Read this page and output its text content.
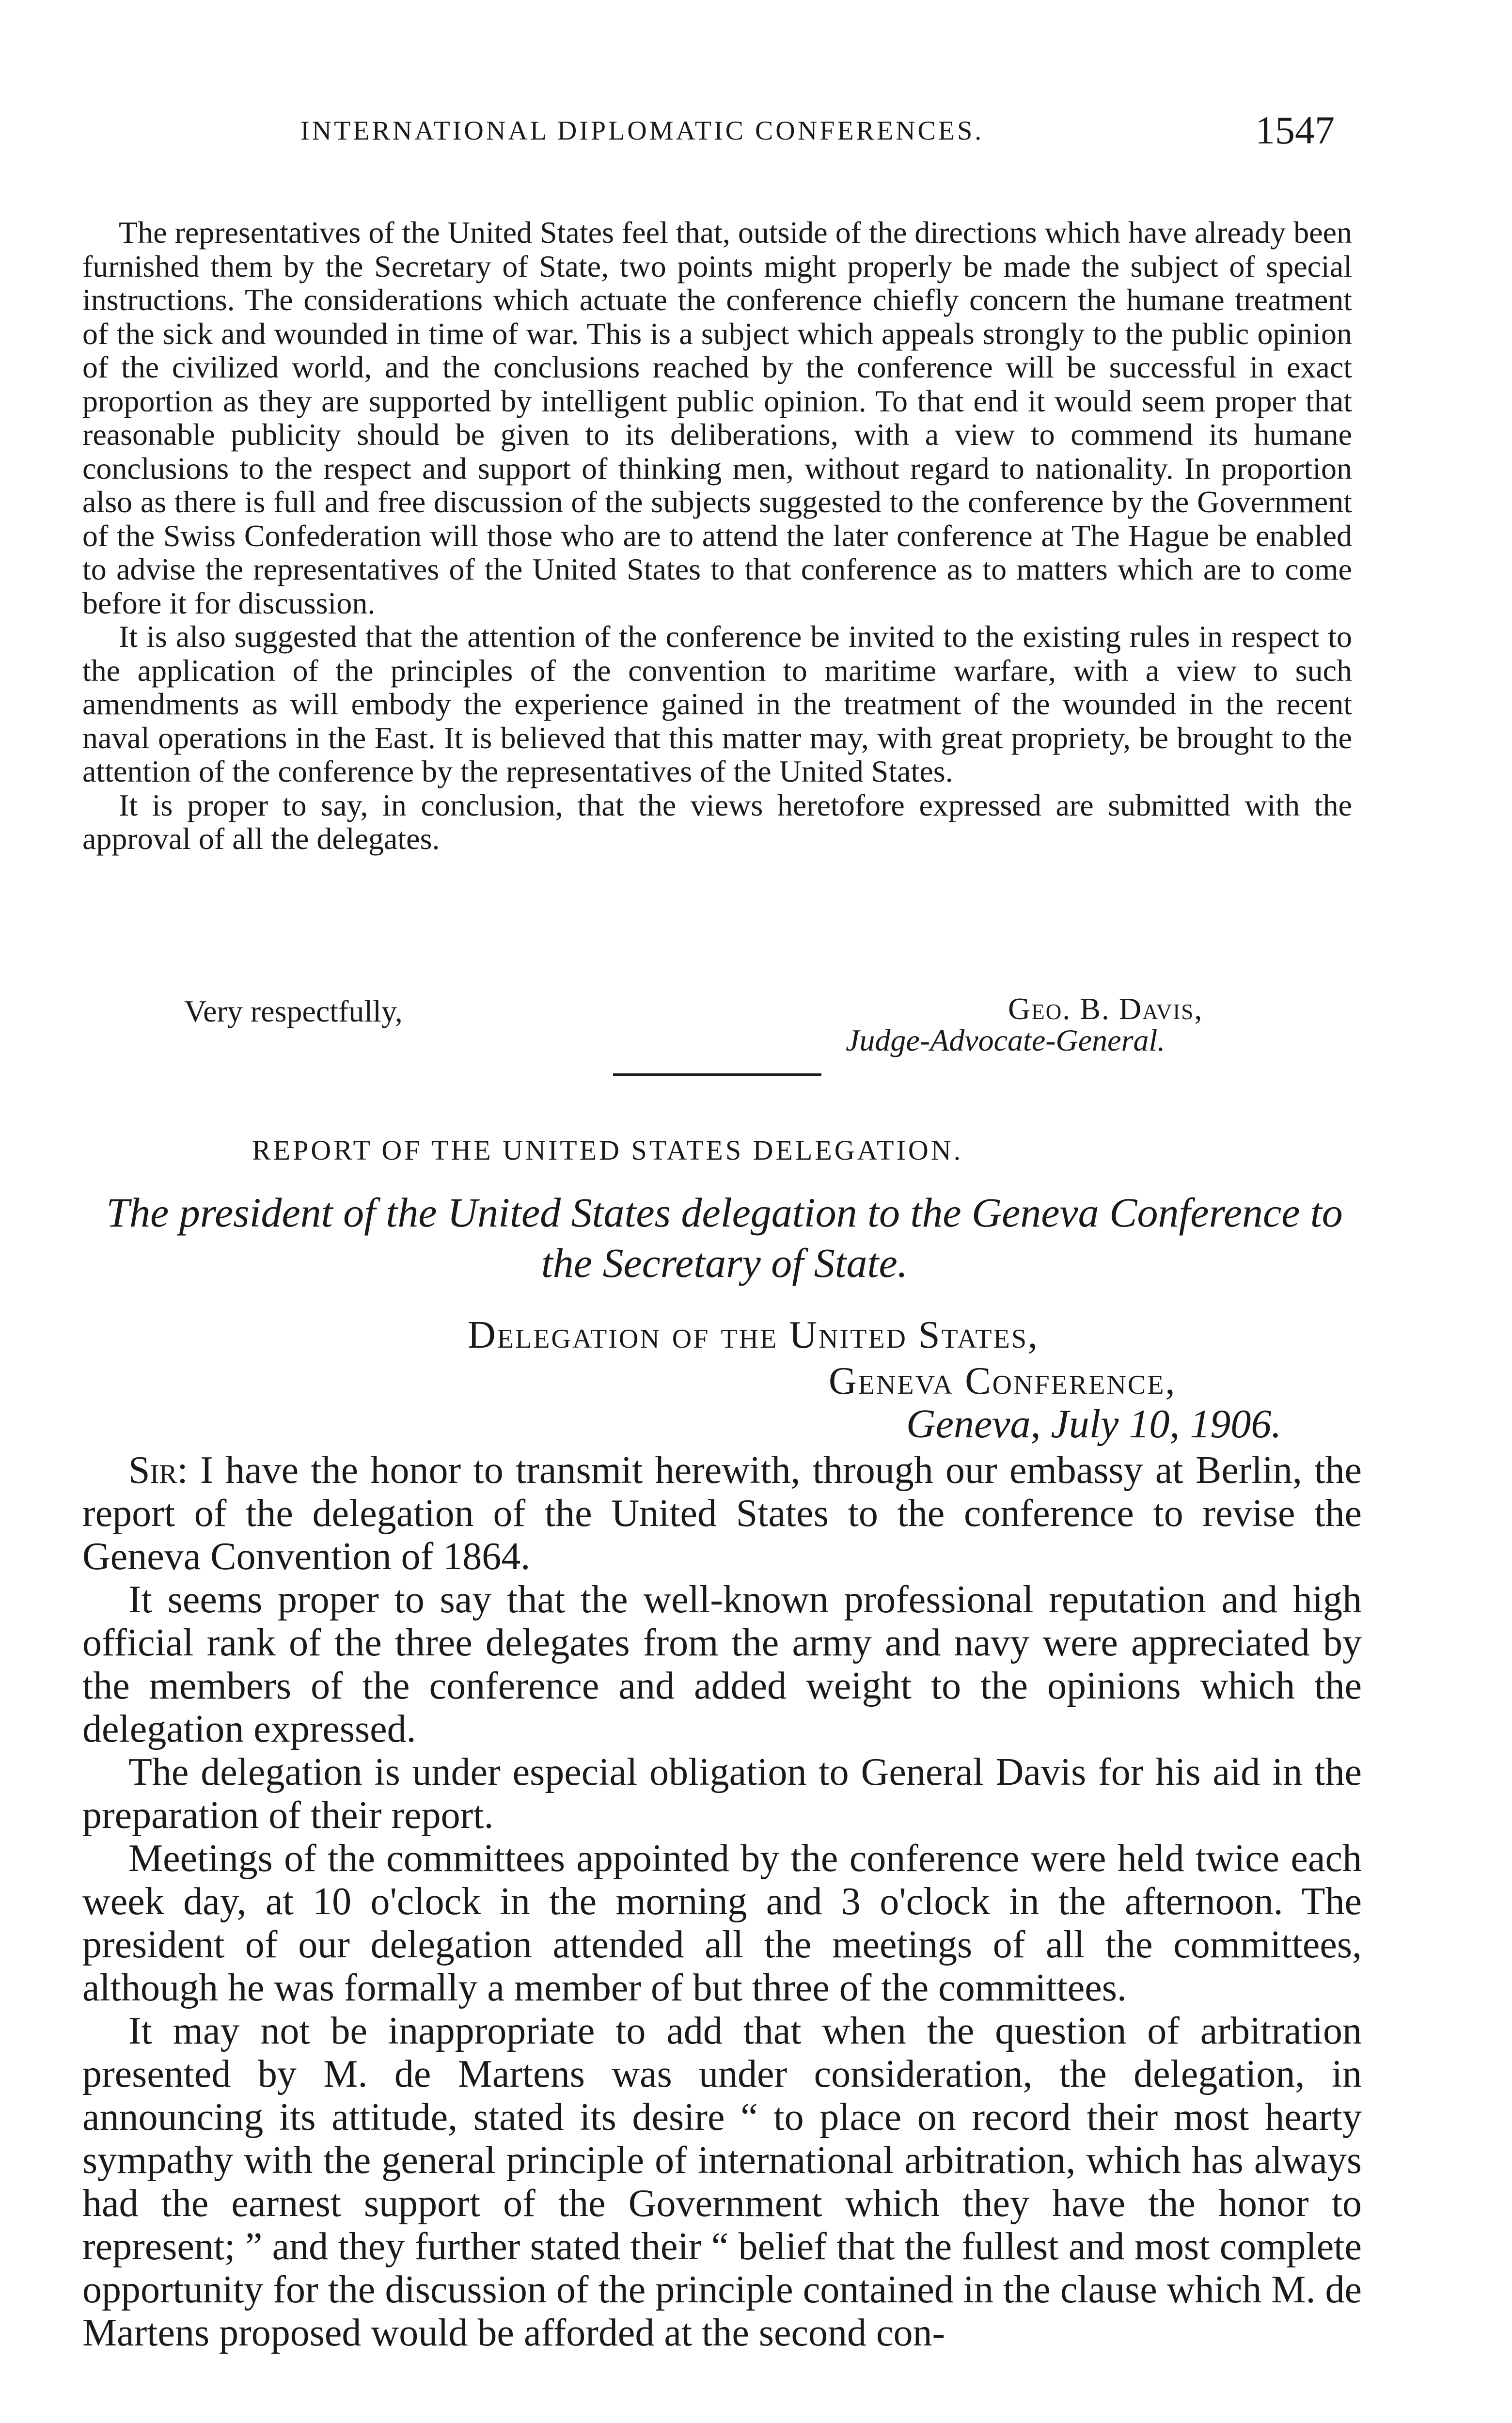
INTERNATIONAL DIPLOMATIC CONFERENCES.	1547

The representatives of the United States feel that, outside of the directions which have already been furnished them by the Secretary of State, two points might properly be made the subject of special instructions. The considerations which actuate the conference chiefly concern the humane treatment of the sick and wounded in time of war. This is a subject which appeals strongly to the public opinion of the civilized world, and the conclusions reached by the conference will be successful in exact proportion as they are supported by intelligent public opinion. To that end it would seem proper that reasonable publicity should be given to its deliberations, with a view to commend its humane conclusions to the respect and support of thinking men, without regard to nationality. In proportion also as there is full and free discussion of the subjects suggested to the conference by the Government of the Swiss Confederation will those who are to attend the later conference at The Hague be enabled to advise the representatives of the United States to that conference as to matters which are to come before it for discussion.

It is also suggested that the attention of the conference be invited to the existing rules in respect to the application of the principles of the convention to maritime warfare, with a view to such amendments as will embody the experience gained in the treatment of the wounded in the recent naval operations in the East. It is believed that this matter may, with great propriety, be brought to the attention of the conference by the representatives of the United States.

It is proper to say, in conclusion, that the views heretofore expressed are submitted with the approval of all the delegates.

Very respectfully,	Geo. B. Davis,
Judge-Advocate-General.
REPORT OF THE UNITED STATES DELEGATION.
The president of the United States delegation to the Geneva Conference to the Secretary of State.
Delegation of the United States,
Geneva Conference,
Geneva, July 10, 1906.

Sir: I have the honor to transmit herewith, through our embassy at Berlin, the report of the delegation of the United States to the conference to revise the Geneva Convention of 1864.

It seems proper to say that the well-known professional reputation and high official rank of the three delegates from the army and navy were appreciated by the members of the conference and added weight to the opinions which the delegation expressed.

The delegation is under especial obligation to General Davis for his aid in the preparation of their report.

Meetings of the committees appointed by the conference were held twice each week day, at 10 o'clock in the morning and 3 o'clock in the afternoon. The president of our delegation attended all the meetings of all the committees, although he was formally a member of but three of the committees.

It may not be inappropriate to add that when the question of arbitration presented by M. de Martens was under consideration, the delegation, in announcing its attitude, stated its desire “ to place on record their most hearty sympathy with the general principle of international arbitration, which has always had the earnest support of the Government which they have the honor to represent; ” and they further stated their “ belief that the fullest and most complete opportunity for the discussion of the principle contained in the clause which M. de Martens proposed would be afforded at the second con-
